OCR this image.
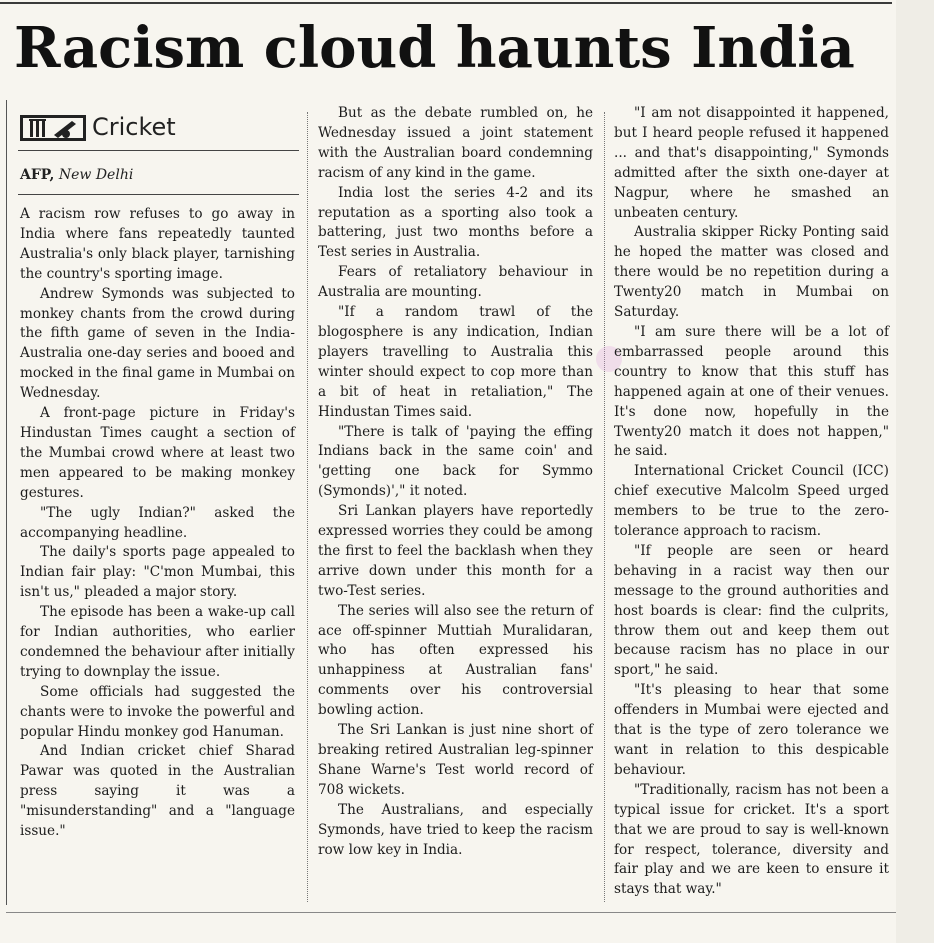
Racism cloud haunts India
Cricket
AFP, New Delhi

A racism row refuses to go away in India where fans repeatedly taunted Australia's only black player, tarnishing the country's sporting image.

Andrew Symonds was subjected to monkey chants from the crowd during the fifth game of seven in the India-Australia one-day series and booed and mocked in the final game in Mumbai on Wednesday.

A front-page picture in Friday's Hindustan Times caught a section of the Mumbai crowd where at least two men appeared to be making monkey gestures.

"The ugly Indian?" asked the accompanying headline.

The daily's sports page appealed to Indian fair play: "C'mon Mumbai, this isn't us," pleaded a major story.

The episode has been a wake-up call for Indian authorities, who earlier condemned the behaviour after initially trying to downplay the issue.

Some officials had suggested the chants were to invoke the powerful and popular Hindu monkey god Hanuman.

And Indian cricket chief Sharad Pawar was quoted in the Australian press saying it was a "misunderstanding" and a "language issue."

But as the debate rumbled on, he Wednesday issued a joint statement with the Australian board condemning racism of any kind in the game.

India lost the series 4-2 and its reputation as a sporting also took a battering, just two months before a Test series in Australia.

Fears of retaliatory behaviour in Australia are mounting.

"If a random trawl of the blogosphere is any indication, Indian players travelling to Australia this winter should expect to cop more than a bit of heat in retaliation," The Hindustan Times said.

"There is talk of 'paying the effing Indians back in the same coin' and 'getting one back for Symmo (Symonds)'," it noted.

Sri Lankan players have reportedly expressed worries they could be among the first to feel the backlash when they arrive down under this month for a two-Test series.

The series will also see the return of ace off-spinner Muttiah Muralidaran, who has often expressed his unhappiness at Australian fans' comments over his controversial bowling action.

The Sri Lankan is just nine short of breaking retired Australian leg-spinner Shane Warne's Test world record of 708 wickets.

The Australians, and especially Symonds, have tried to keep the racism row low key in India.

"I am not disappointed it happened, but I heard people refused it happened ... and that's disappointing," Symonds admitted after the sixth one-dayer at Nagpur, where he smashed an unbeaten century.

Australia skipper Ricky Ponting said he hoped the matter was closed and there would be no repetition during a Twenty20 match in Mumbai on Saturday.

"I am sure there will be a lot of embarrassed people around this country to know that this stuff has happened again at one of their venues. It's done now, hopefully in the Twenty20 match it does not happen," he said.

International Cricket Council (ICC) chief executive Malcolm Speed urged members to be true to the zero-tolerance approach to racism.

"If people are seen or heard behaving in a racist way then our message to the ground authorities and host boards is clear: find the culprits, throw them out and keep them out because racism has no place in our sport," he said.

"It's pleasing to hear that some offenders in Mumbai were ejected and that is the type of zero tolerance we want in relation to this despicable behaviour.

"Traditionally, racism has not been a typical issue for cricket. It's a sport that we are proud to say is well-known for respect, tolerance, diversity and fair play and we are keen to ensure it stays that way."
